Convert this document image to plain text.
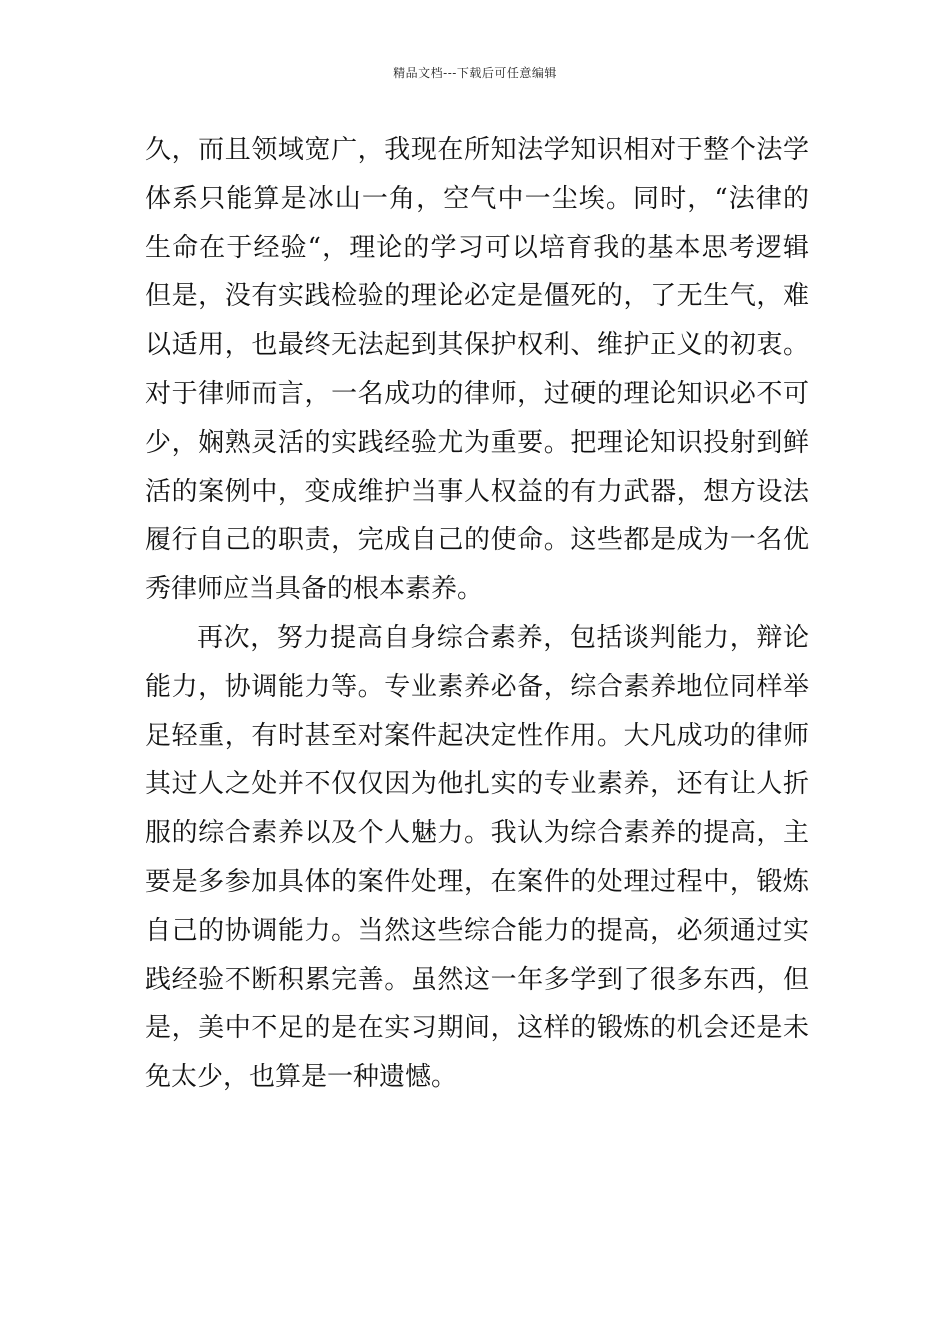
精品文档---下载后可任意编辑
久，而且领域宽广，我现在所知法学知识相对于整个法学
体系只能算是冰山一角，空气中一尘埃。同时，“法律的
生命在于经验“，理论的学习可以培育我的基本思考逻辑
但是，没有实践检验的理论必定是僵死的，了无生气，难
以适用，也最终无法起到其保护权利、维护正义的初衷。
对于律师而言，一名成功的律师，过硬的理论知识必不可
少，娴熟灵活的实践经验尤为重要。把理论知识投射到鲜
活的案例中，变成维护当事人权益的有力武器，想方设法
履行自己的职责，完成自己的使命。这些都是成为一名优
秀律师应当具备的根本素养。
再次，努力提高自身综合素养，包括谈判能力，辩论
能力，协调能力等。专业素养必备，综合素养地位同样举
足轻重，有时甚至对案件起决定性作用。大凡成功的律师
其过人之处并不仅仅因为他扎实的专业素养，还有让人折
服的综合素养以及个人魅力。我认为综合素养的提高，主
要是多参加具体的案件处理，在案件的处理过程中，锻炼
自己的协调能力。当然这些综合能力的提高，必须通过实
践经验不断积累完善。虽然这一年多学到了很多东西，但
是，美中不足的是在实习期间，这样的锻炼的机会还是未
免太少，也算是一种遗憾。
